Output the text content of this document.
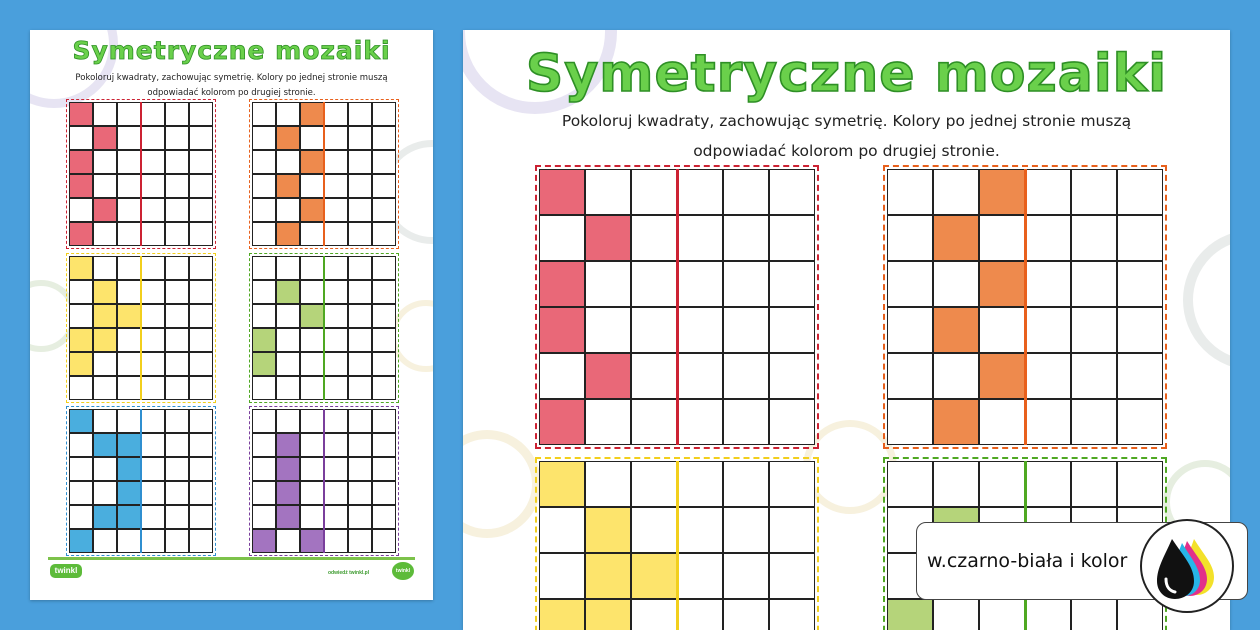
Symetryczne mozaiki
Pokoloruj kwadraty, zachowując symetrię. Kolory po jednej stronie muszą
odpowiadać kolorom po drugiej stronie.
twinkl	odwiedź twinkl.pl	twinkl
Symetryczne mozaiki
Pokoloruj kwadraty, zachowując symetrię. Kolory po jednej stronie muszą
odpowiadać kolorom po drugiej stronie.
w.czarno-biała i kolor
